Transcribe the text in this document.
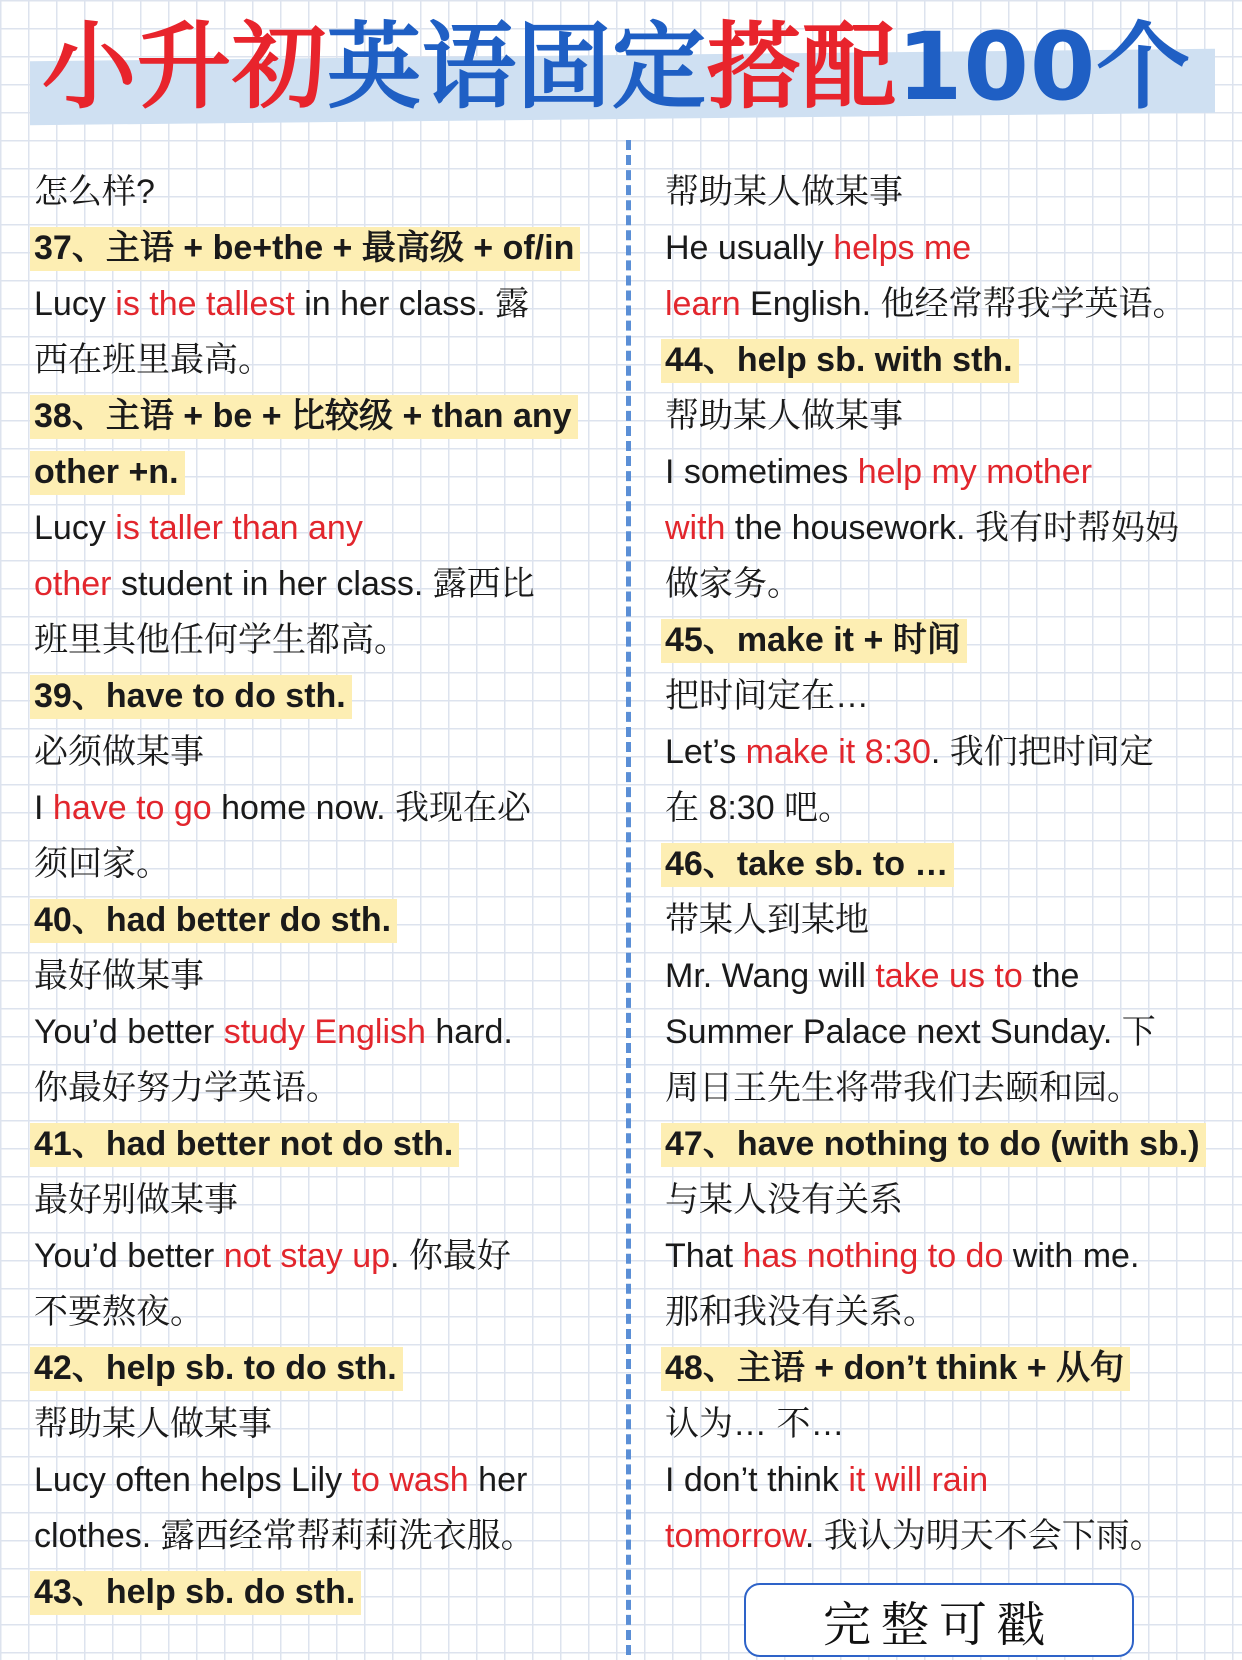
小升初英语固定搭配100个
怎么样?
37、主语 + be+the + 最高级 + of/in
Lucy is the tallest in her class. 露
西在班里最高。
38、主语 + be + 比较级 + than any
other +n.
Lucy is taller than any
other student in her class. 露西比
班里其他任何学生都高。
39、have to do sth.
必须做某事
I have to go home now. 我现在必
须回家。
40、had better do sth.
最好做某事
You’d better study English hard.
你最好努力学英语。
41、had better not do sth.
最好别做某事
You’d better not stay up. 你最好
不要熬夜。
42、help sb. to do sth.
帮助某人做某事
Lucy often helps Lily to wash her
clothes. 露西经常帮莉莉洗衣服。
43、help sb. do sth.
帮助某人做某事
He usually helps me
learn English. 他经常帮我学英语。
44、help sb. with sth.
帮助某人做某事
I sometimes help my mother
with the housework. 我有时帮妈妈
做家务。
45、make it + 时间
把时间定在…
Let’s make it 8:30. 我们把时间定
在 8:30 吧。
46、take sb. to …
带某人到某地
Mr. Wang will take us to the
Summer Palace next Sunday. 下
周日王先生将带我们去颐和园。
47、have nothing to do (with sb.)
与某人没有关系
That has nothing to do with me.
那和我没有关系。
48、主语 + don’t think + 从句
认为… 不…
I don’t think it will rain
tomorrow. 我认为明天不会下雨。
完整可戳
